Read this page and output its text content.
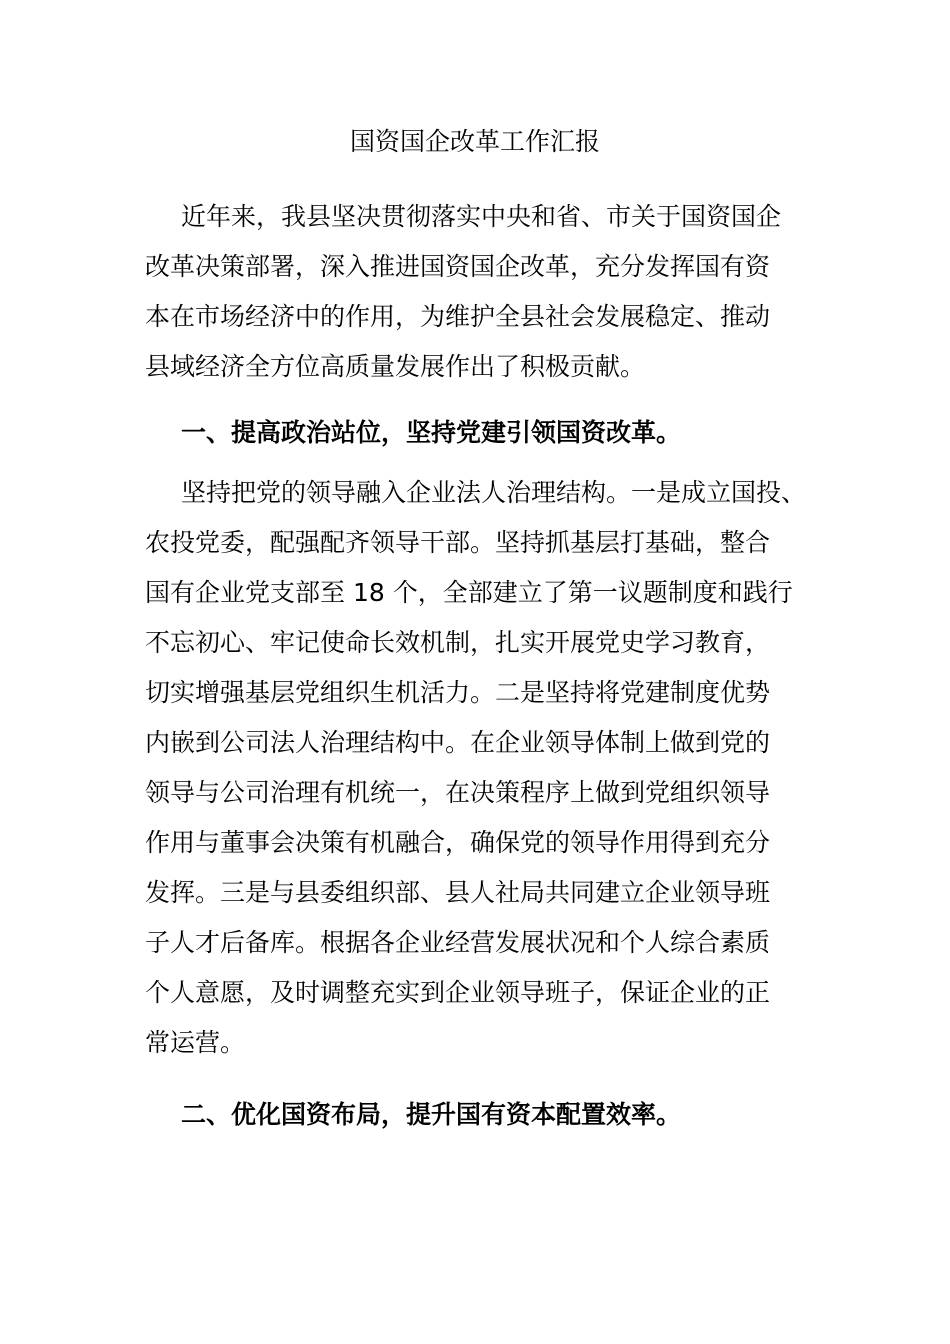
国资国企改革工作汇报
近年来，我县坚决贯彻落实中央和省、市关于国资国企
改革决策部署，深入推进国资国企改革，充分发挥国有资
本在市场经济中的作用，为维护全县社会发展稳定、推动
县域经济全方位高质量发展作出了积极贡献。
一、提高政治站位，坚持党建引领国资改革。
坚持把党的领导融入企业法人治理结构。一是成立国投、
农投党委，配强配齐领导干部。坚持抓基层打基础，整合
国有企业党支部至 18 个，全部建立了第一议题制度和践行
不忘初心、牢记使命长效机制，扎实开展党史学习教育，
切实增强基层党组织生机活力。二是坚持将党建制度优势
内嵌到公司法人治理结构中。在企业领导体制上做到党的
领导与公司治理有机统一，在决策程序上做到党组织领导
作用与董事会决策有机融合，确保党的领导作用得到充分
发挥。三是与县委组织部、县人社局共同建立企业领导班
子人才后备库。根据各企业经营发展状况和个人综合素质
个人意愿，及时调整充实到企业领导班子，保证企业的正
常运营。
二、优化国资布局，提升国有资本配置效率。
